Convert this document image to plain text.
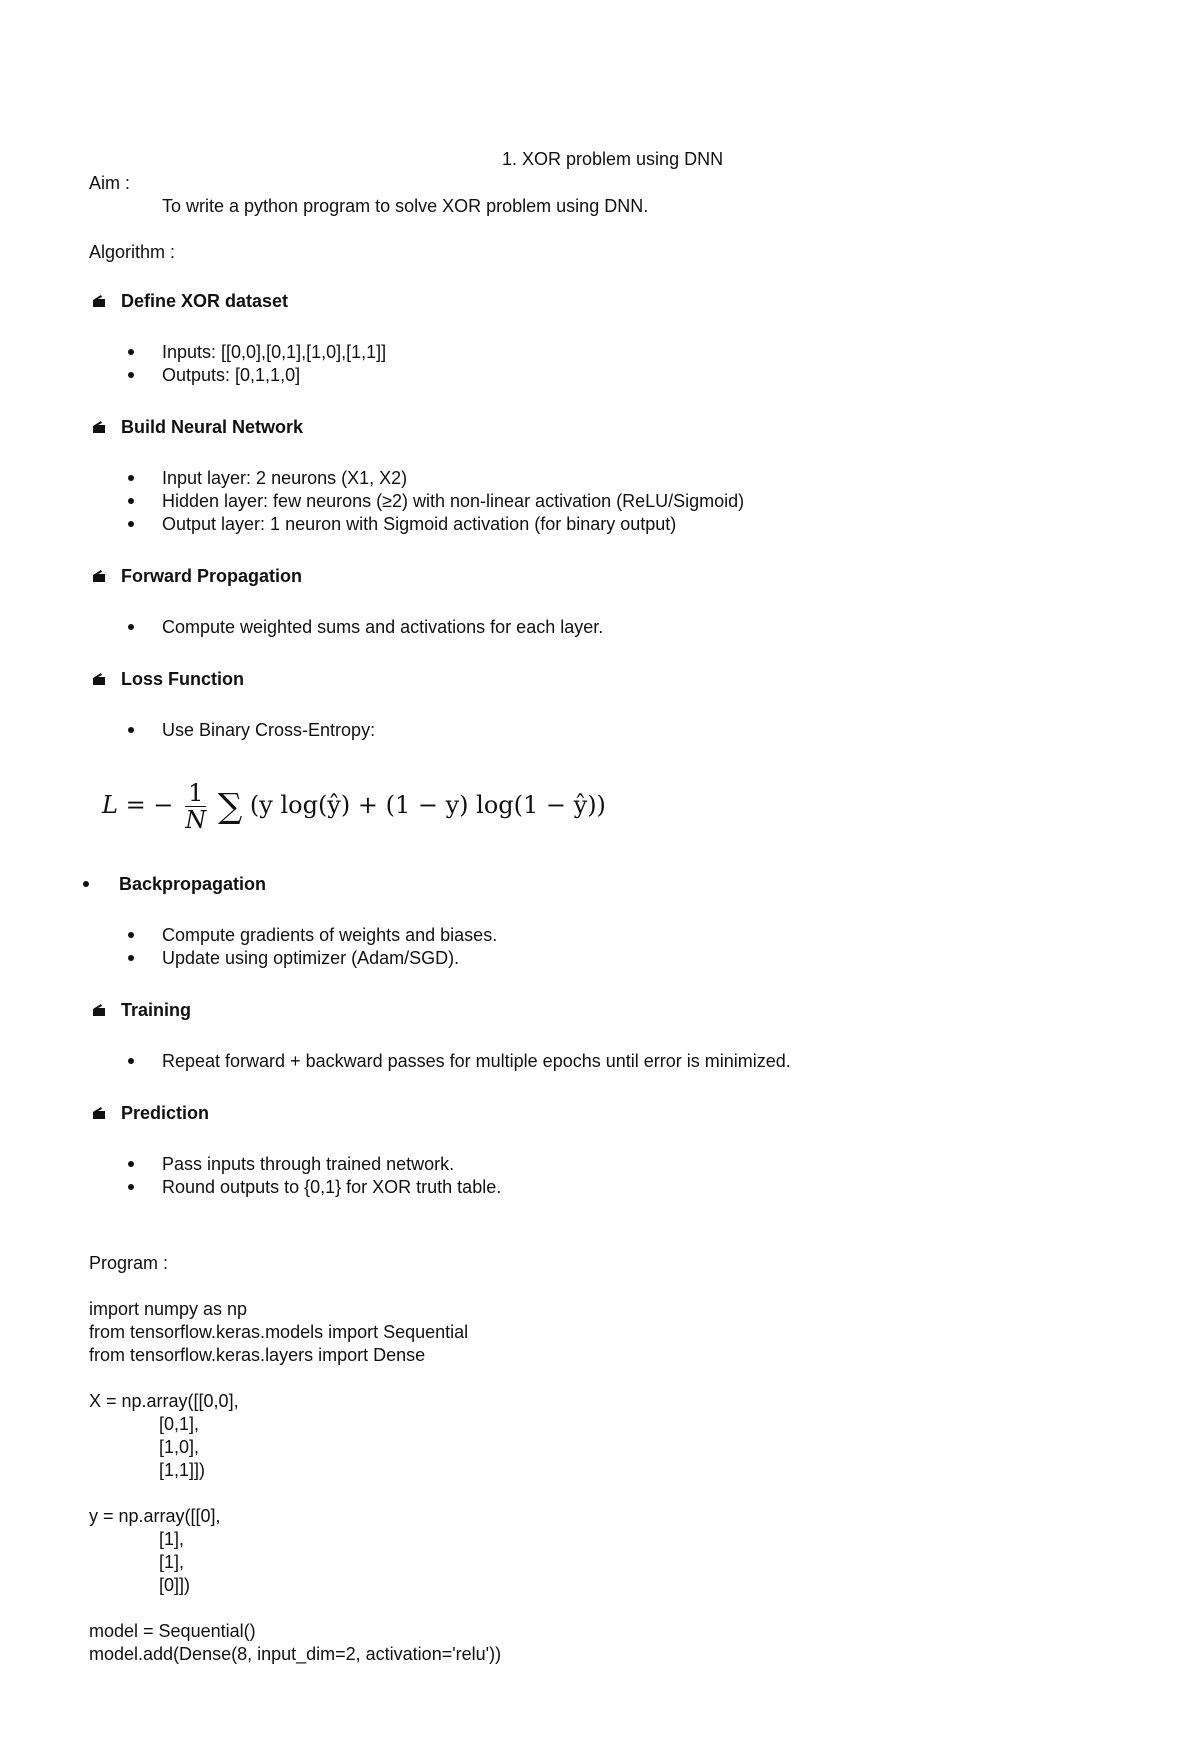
1. XOR problem using DNN
Aim :
To write a python program to solve XOR problem using DNN.
Algorithm :
Define XOR dataset
Inputs: [[0,0],[0,1],[1,0],[1,1]]
Outputs: [0,1,1,0]
Build Neural Network
Input layer: 2 neurons (X1, X2)
Hidden layer: few neurons (≥2) with non-linear activation (ReLU/Sigmoid)
Output layer: 1 neuron with Sigmoid activation (for binary output)
Forward Propagation
Compute weighted sums and activations for each layer.
Loss Function
Use Binary Cross-Entropy:
L = − $\frac{1}{N}$ ∑ (y log(ŷ) + (1 − y) log(1 − ŷ))
Backpropagation
Compute gradients of weights and biases.
Update using optimizer (Adam/SGD).
Training
Repeat forward + backward passes for multiple epochs until error is minimized.
Prediction
Pass inputs through trained network.
Round outputs to {0,1} for XOR truth table.
Program :
import numpy as np
from tensorflow.keras.models import Sequential
from tensorflow.keras.layers import Dense
X = np.array([[0,0],
[0,1],
[1,0],
[1,1]])
y = np.array([[0],
[1],
[1],
[0]])
model = Sequential()
model.add(Dense(8, input_dim=2, activation='relu'))
